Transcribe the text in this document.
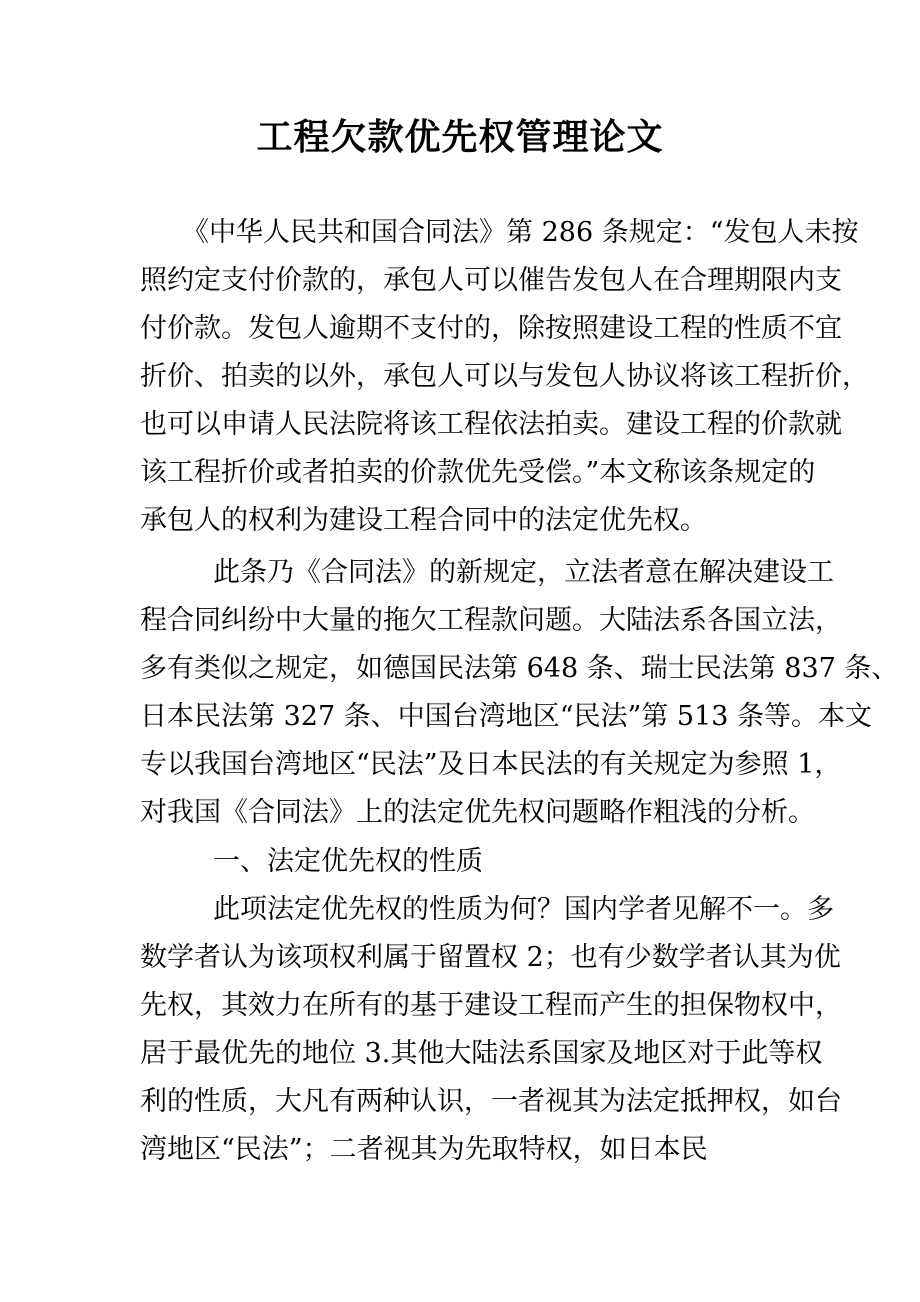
工程欠款优先权管理论文
《中华人民共和国合同法》第 286 条规定：“发包人未按
照约定支付价款的，承包人可以催告发包人在合理期限内支
付价款。发包人逾期不支付的，除按照建设工程的性质不宜
折价、拍卖的以外，承包人可以与发包人协议将该工程折价，
也可以申请人民法院将该工程依法拍卖。建设工程的价款就
该工程折价或者拍卖的价款优先受偿。”本文称该条规定的
承包人的权利为建设工程合同中的法定优先权。
此条乃《合同法》的新规定，立法者意在解决建设工
程合同纠纷中大量的拖欠工程款问题。大陆法系各国立法，
多有类似之规定，如德国民法第 648 条、瑞士民法第 837 条、
日本民法第 327 条、中国台湾地区“民法”第 513 条等。本文
专以我国台湾地区“民法”及日本民法的有关规定为参照 1，
对我国《合同法》上的法定优先权问题略作粗浅的分析。
一、法定优先权的性质
此项法定优先权的性质为何？国内学者见解不一。多
数学者认为该项权利属于留置权 2；也有少数学者认其为优
先权，其效力在所有的基于建设工程而产生的担保物权中，
居于最优先的地位 3.其他大陆法系国家及地区对于此等权
利的性质，大凡有两种认识，一者视其为法定抵押权，如台
湾地区“民法”；二者视其为先取特权，如日本民
